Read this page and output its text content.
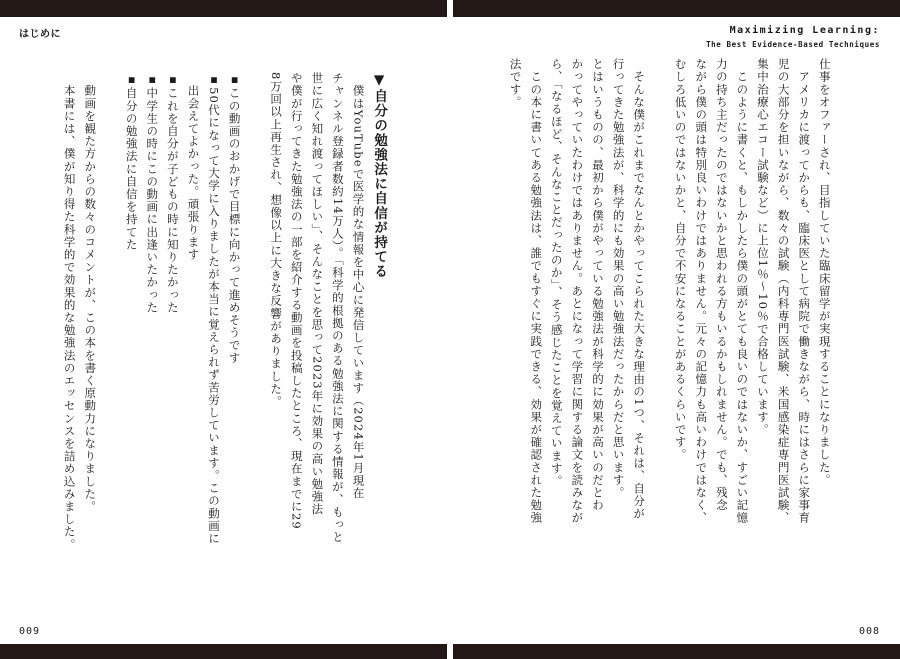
はじめに	Maximizing Learning:
The Best Evidence-Based Techniques
仕事をオファーされ、目指していた臨床留学が実現することになりました。
　アメリカに渡ってからも、臨床医として病院で働きながら、時にはさらに家事育
児の大部分を担いながら、数々の試験（内科専門医試験、米国感染症専門医試験、
集中治療心エコー試験など）に上位1％〜10％で合格しています。
　このように書くと、もしかしたら僕の頭がとても良いのではないか、すごい記憶
力の持ち主だったのではないかと思われる方もいるかもしれません。でも、残念
ながら僕の頭は特別良いわけではありません。元々の記憶力も高いわけではなく、
むしろ低いのではないかと、自分で不安になることがあるくらいです。

　そんな僕がこれまでなんとかやってこられた大きな理由の1つ、それは、自分が
行ってきた勉強法が、科学的にも効果の高い勉強法だったからだと思います。
とはいうものの、最初から僕がやっている勉強法が科学的に効果が高いのだとわ
かってやっていたわけではありません。あとになって学習に関する論文を読みなが
ら、「なるほど、そんなことだったのか」、そう感じたことを覚えています。
　この本に書いてある勉強法は、誰でもすぐに実践できる、効果が確認された勉強
法です。
▼自分の勉強法に自信が持てる
　僕はYouTubeで医学的な情報を中心に発信しています（2024年1月現在
チャンネル登録者数約14万人）。「科学的根拠のある勉強法に関する情報が、もっと
世に広く知れ渡ってほしい」、そんなことを思って2023年に効果の高い勉強法
や僕が行ってきた勉強法の一部を紹介する動画を投稿したところ、現在までに29
8万回以上再生され、想像以上に大きな反響がありました。

▪この動画のおかげで目標に向かって進めそうです
▪50代になって大学に入りましたが本当に覚えられず苦労しています。この動画に
　出会えてよかった。頑張ります
▪これを自分が子どもの時に知りたかった
▪中学生の時にこの動画に出逢いたかった
▪自分の勉強法に自信を持てた

　動画を観た方からの数々のコメントが、この本を書く原動力になりました。
　本書には、僕が知り得た科学的で効果的な勉強法のエッセンスを詰め込みました。
009	008
